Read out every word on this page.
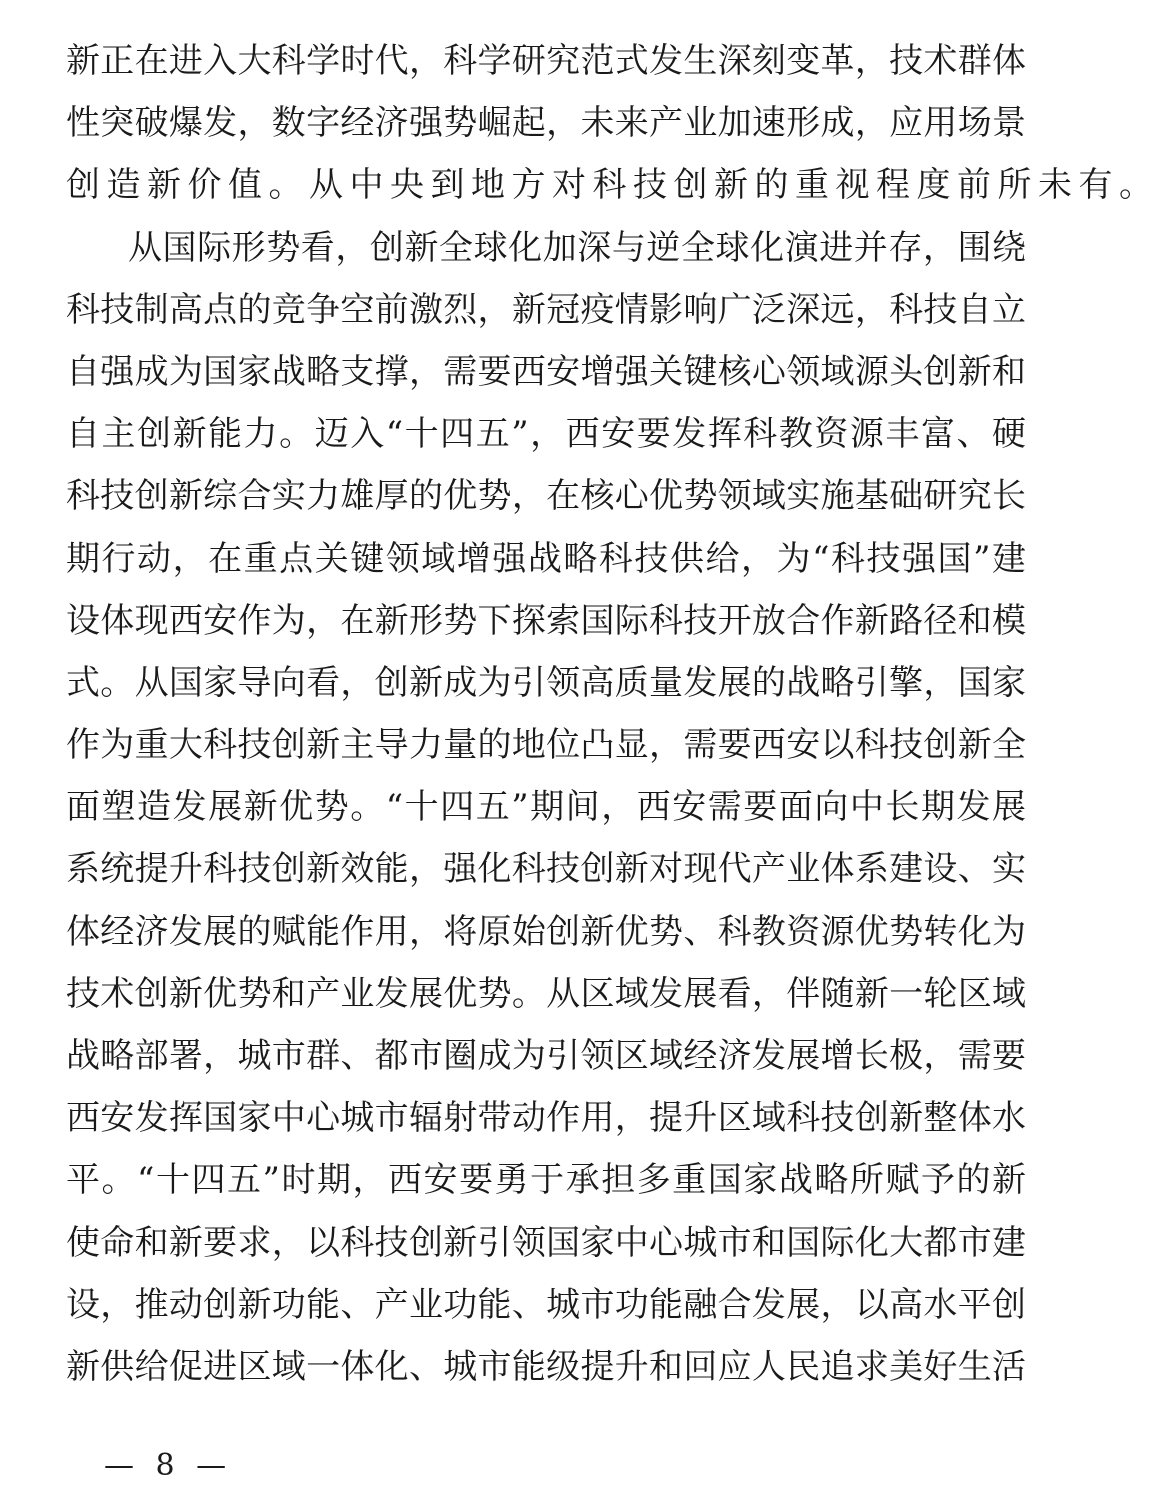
新正在进入大科学时代，科学研究范式发生深刻变革，技术群体
性突破爆发，数字经济强势崛起，未来产业加速形成，应用场景
创造新价值。从中央到地方对科技创新的重视程度前所未有。
从国际形势看，创新全球化加深与逆全球化演进并存，围绕
科技制高点的竞争空前激烈，新冠疫情影响广泛深远，科技自立
自强成为国家战略支撑，需要西安增强关键核心领域源头创新和
自主创新能力。迈入“十四五”，西安要发挥科教资源丰富、硬
科技创新综合实力雄厚的优势，在核心优势领域实施基础研究长
期行动，在重点关键领域增强战略科技供给，为“科技强国”建
设体现西安作为，在新形势下探索国际科技开放合作新路径和模
式。从国家导向看，创新成为引领高质量发展的战略引擎，国家
作为重大科技创新主导力量的地位凸显，需要西安以科技创新全
面塑造发展新优势。“十四五”期间，西安需要面向中长期发展
系统提升科技创新效能，强化科技创新对现代产业体系建设、实
体经济发展的赋能作用，将原始创新优势、科教资源优势转化为
技术创新优势和产业发展优势。从区域发展看，伴随新一轮区域
战略部署，城市群、都市圈成为引领区域经济发展增长极，需要
西安发挥国家中心城市辐射带动作用，提升区域科技创新整体水
平。“十四五”时期，西安要勇于承担多重国家战略所赋予的新
使命和新要求，以科技创新引领国家中心城市和国际化大都市建
设，推动创新功能、产业功能、城市功能融合发展，以高水平创
新供给促进区域一体化、城市能级提升和回应人民追求美好生活
— 8 —
